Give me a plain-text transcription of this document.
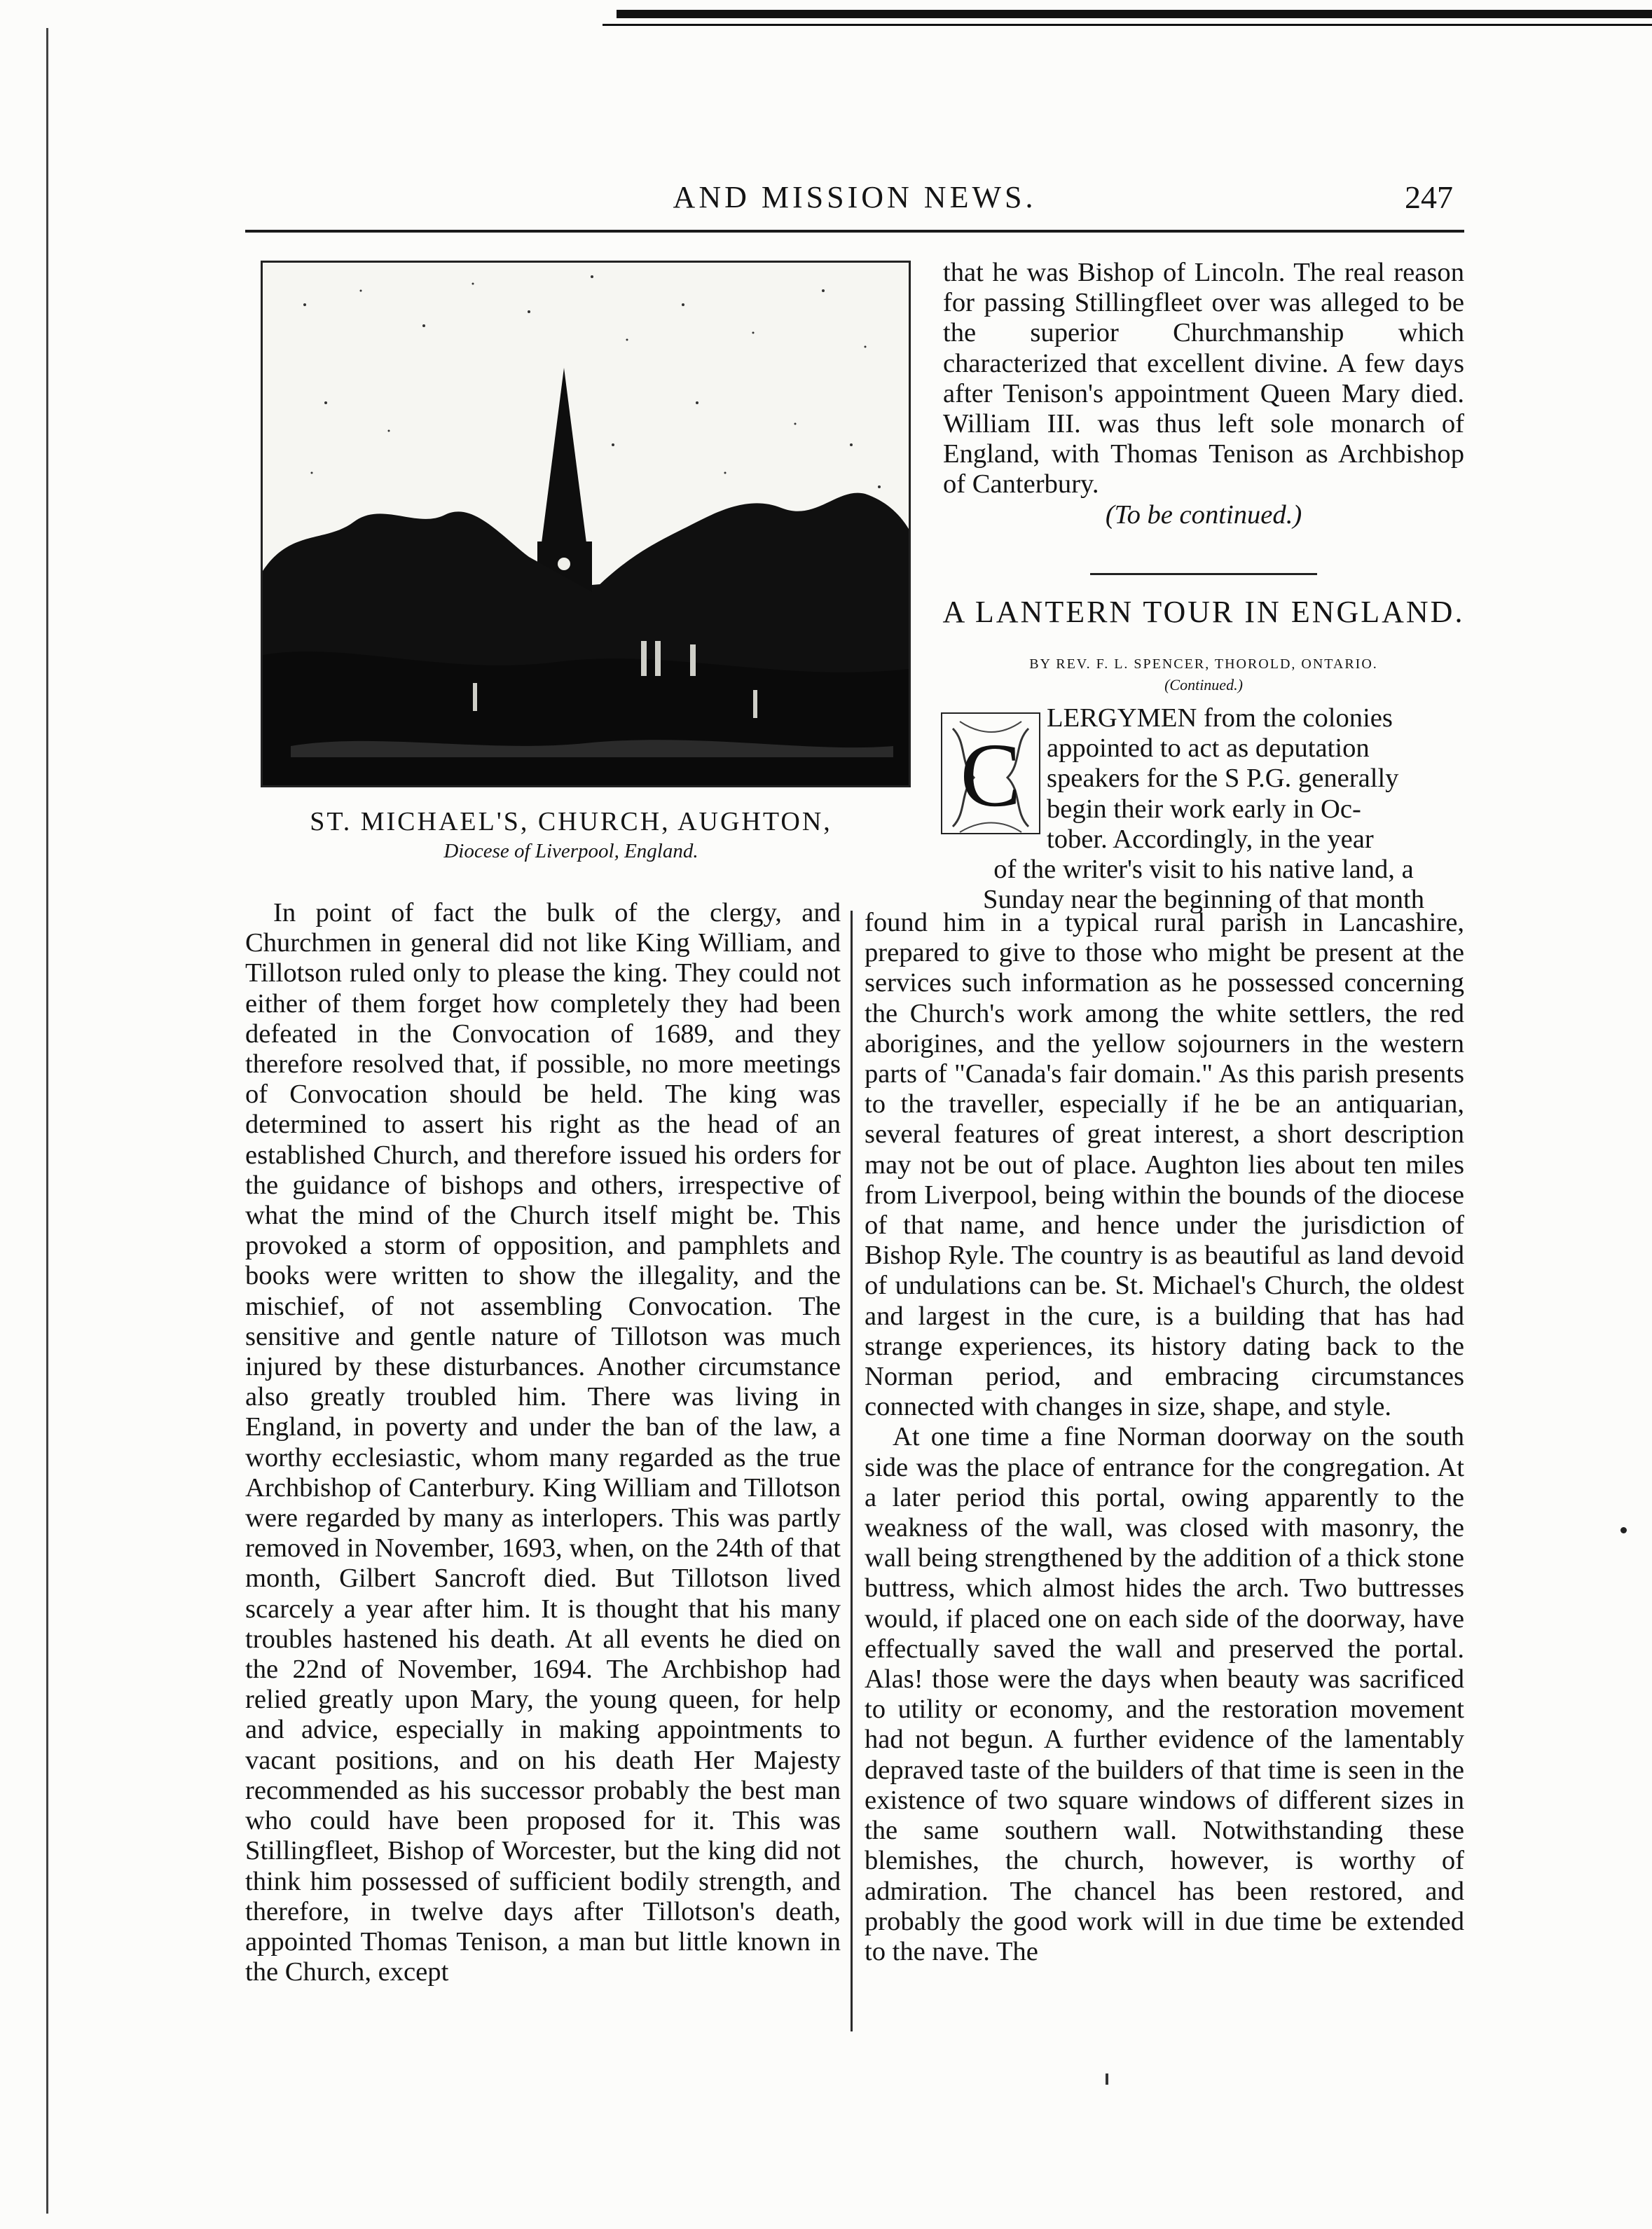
AND MISSION NEWS.	247
ST. MICHAEL'S, CHURCH, AUGHTON,
Diocese of Liverpool, England.

In point of fact the bulk of the clergy, and Churchmen in general did not like King William, and Tillotson ruled only to please the king. They could not either of them forget how completely they had been defeated in the Convocation of 1689, and they therefore resolved that, if possible, no more meetings of Convocation should be held. The king was determined to assert his right as the head of an established Church, and therefore issued his orders for the guidance of bishops and others, irrespective of what the mind of the Church itself might be. This provoked a storm of opposition, and pamphlets and books were written to show the illegality, and the mischief, of not assembling Convocation. The sensitive and gentle nature of Tillotson was much injured by these disturbances. Another circumstance also greatly troubled him. There was living in England, in poverty and under the ban of the law, a worthy ecclesiastic, whom many regarded as the true Archbishop of Canterbury. King William and Tillotson were regarded by many as interlopers. This was partly removed in November, 1693, when, on the 24th of that month, Gilbert Sancroft died. But Tillotson lived scarcely a year after him. It is thought that his many troubles hastened his death. At all events he died on the 22nd of November, 1694. The Archbishop had relied greatly upon Mary, the young queen, for help and advice, especially in making appointments to vacant positions, and on his death Her Majesty recommended as his successor probably the best man who could have been proposed for it. This was Stillingfleet, Bishop of Worcester, but the king did not think him possessed of sufficient bodily strength, and therefore, in twelve days after Tillotson's death, appointed Thomas Tenison, a man but little known in the Church, except

that he was Bishop of Lincoln. The real reason for passing Stillingfleet over was alleged to be the superior Churchmanship which characterized that excellent divine. A few days after Tenison's appointment Queen Mary died. William III. was thus left sole monarch of England, with Thomas Tenison as Archbishop of Canterbury.

(To be continued.)

A LANTERN TOUR IN ENGLAND.
BY REV. F. L. SPENCER, THOROLD, ONTARIO.
(Continued.)
C
LERGYMEN from the colonies
appointed to act as deputation
speakers for the S P.G. generally
begin their work early in Oc-
tober. Accordingly, in the year
of the writer's visit to his native land, a
Sunday near the beginning of that month

found him in a typical rural parish in Lancashire, prepared to give to those who might be present at the services such information as he possessed concerning the Church's work among the white settlers, the red aborigines, and the yellow sojourners in the western parts of "Canada's fair domain." As this parish presents to the traveller, especially if he be an antiquarian, several features of great interest, a short description may not be out of place. Aughton lies about ten miles from Liverpool, being within the bounds of the diocese of that name, and hence under the jurisdiction of Bishop Ryle. The country is as beautiful as land devoid of undulations can be. St. Michael's Church, the oldest and largest in the cure, is a building that has had strange experiences, its history dating back to the Norman period, and embracing circumstances connected with changes in size, shape, and style.

At one time a fine Norman doorway on the south side was the place of entrance for the congregation. At a later period this portal, owing apparently to the weakness of the wall, was closed with masonry, the wall being strengthened by the addition of a thick stone buttress, which almost hides the arch. Two buttresses would, if placed one on each side of the doorway, have effectually saved the wall and preserved the portal. Alas! those were the days when beauty was sacrificed to utility or economy, and the restoration movement had not begun. A further evidence of the lamentably depraved taste of the builders of that time is seen in the existence of two square windows of different sizes in the same southern wall. Notwithstanding these blemishes, the church, however, is worthy of admiration. The chancel has been restored, and probably the good work will in due time be extended to the nave. The
